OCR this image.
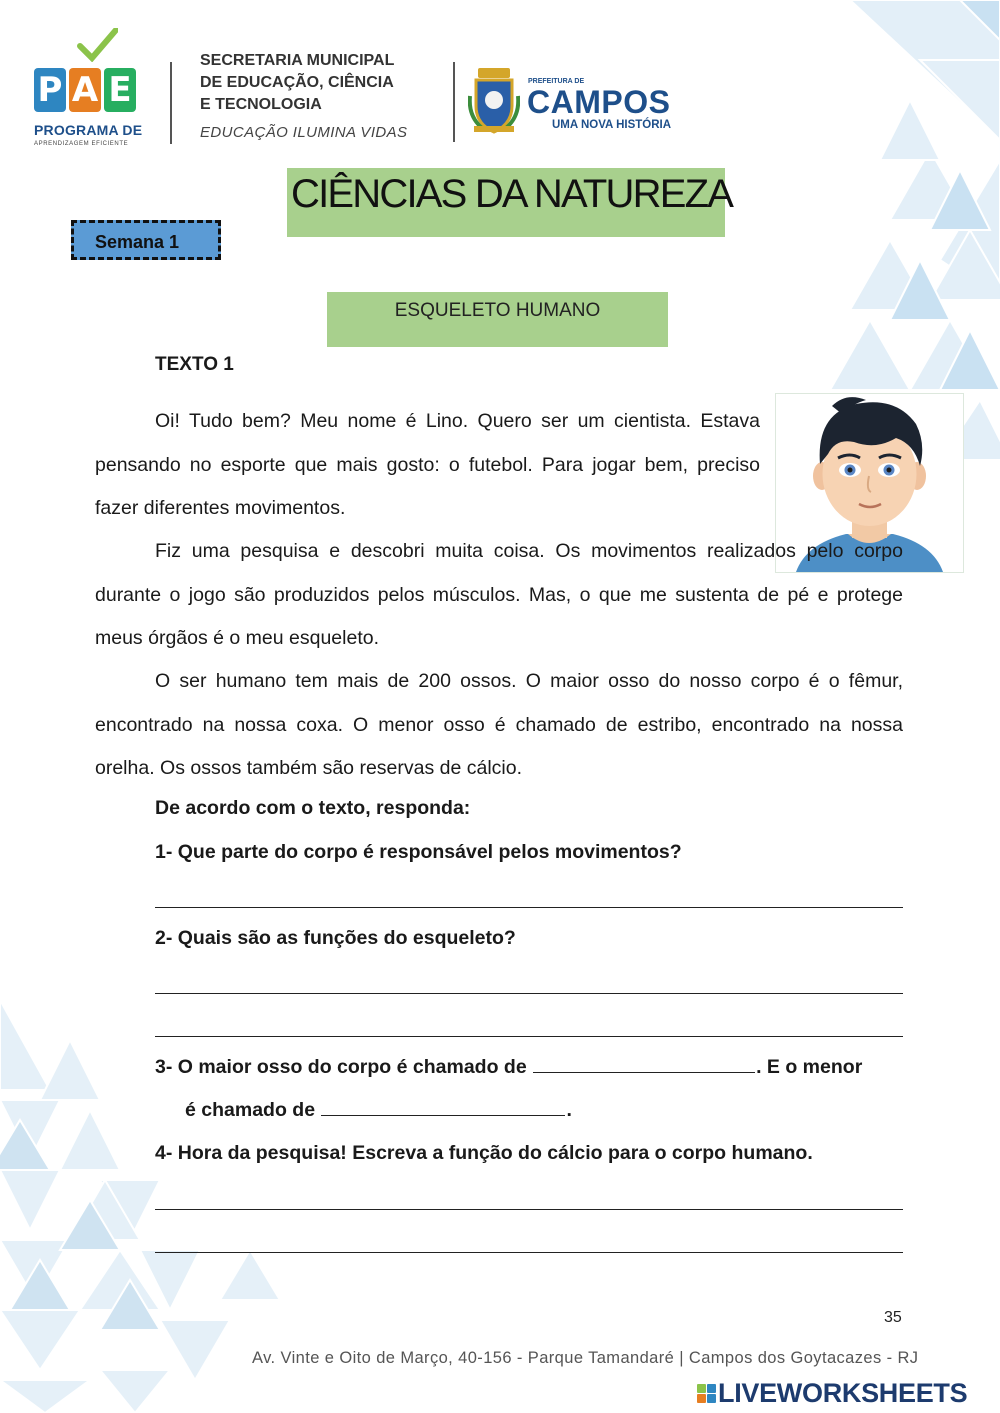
P A E
PROGRAMA DE
APRENDIZAGEM EFICIENTE
SECRETARIA MUNICIPAL
DE EDUCAÇÃO, CIÊNCIA
E TECNOLOGIA
EDUCAÇÃO ILUMINA VIDAS
PREFEITURA DE
CAMPOS
UMA NOVA HISTÓRIA
CIÊNCIAS DA NATUREZA
Semana 1
ESQUELETO HUMANO
TEXTO 1

Oi! Tudo bem? Meu nome é Lino. Quero ser um cientista. Estava pensando no esporte que mais gosto: o futebol. Para jogar bem, preciso fazer diferentes movimentos.

Fiz uma pesquisa e descobri muita coisa. Os movimentos realizados pelo corpo durante o jogo são produzidos pelos músculos. Mas, o que me sustenta de pé e protege meus órgãos é o meu esqueleto.

O ser humano tem mais de 200 ossos. O maior osso do nosso corpo é o fêmur, encontrado na nossa coxa. O menor osso é chamado de estribo, encontrado na nossa orelha. Os ossos também são reservas de cálcio.

De acordo com o texto, responda:
1- Que parte do corpo é responsável pelos movimentos?
2- Quais são as funções do esqueleto?
3- O maior osso do corpo é chamado de	. E o menor
é chamado de	.
4- Hora da pesquisa! Escreva a função do cálcio para o corpo humano.
35
Av. Vinte e Oito de Março, 40-156 - Parque Tamandaré | Campos dos Goytacazes - RJ
LIVEWORKSHEETS
